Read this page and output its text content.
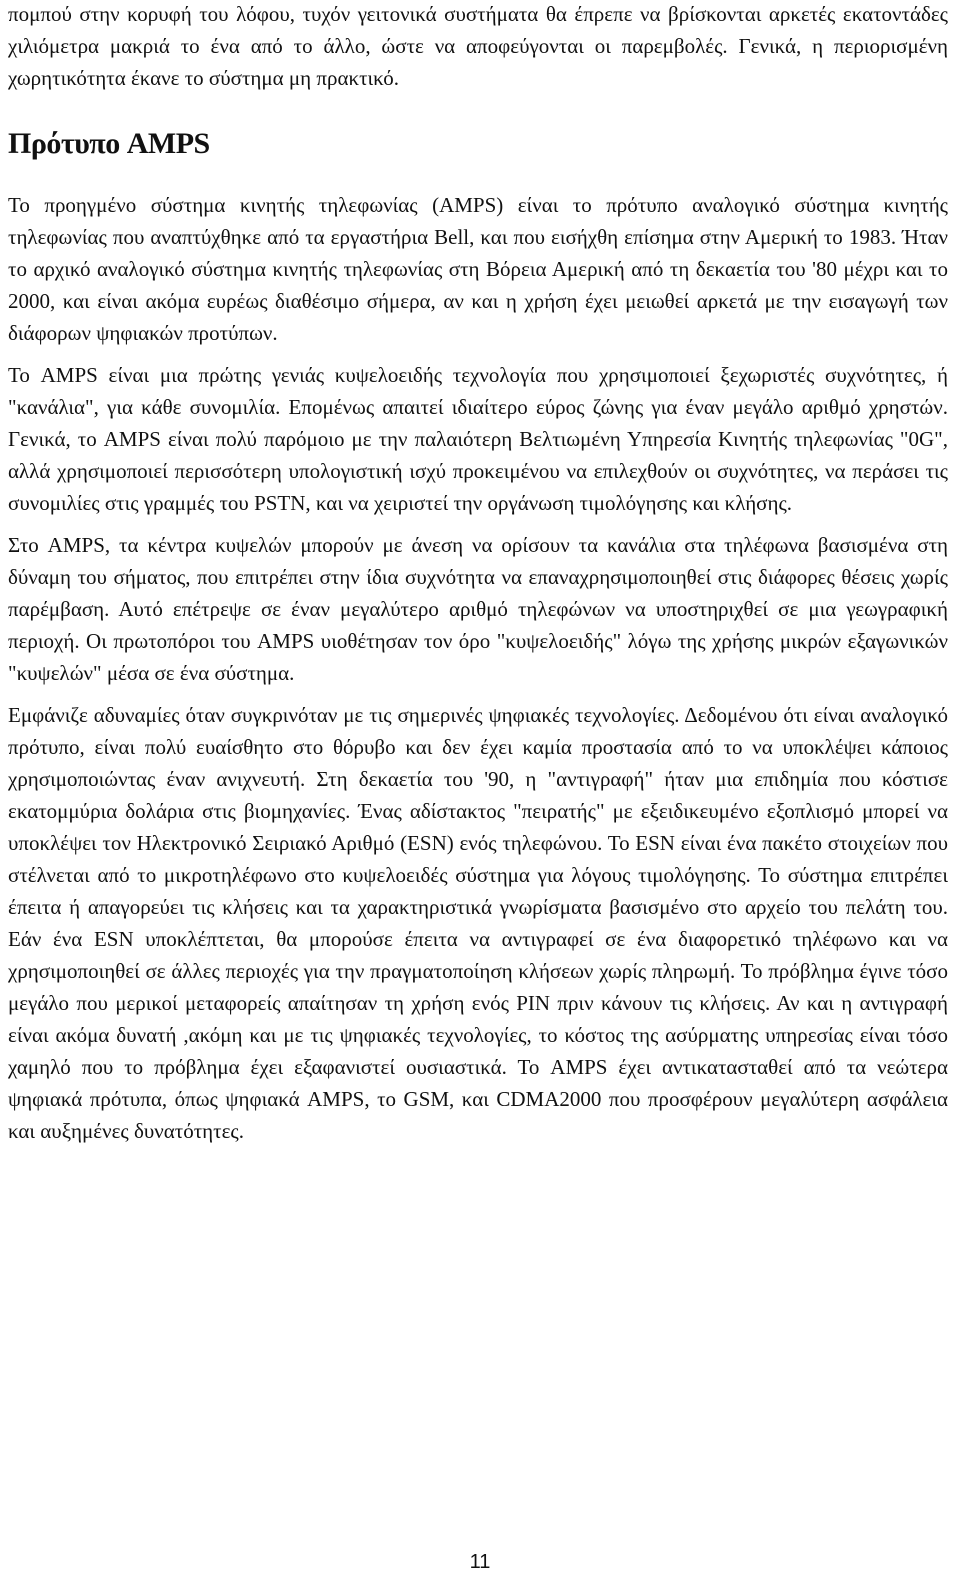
πομπού στην κορυφή του λόφου, τυχόν γειτονικά συστήματα θα έπρεπε να βρίσκονται αρκετές εκατοντάδες χιλιόμετρα μακριά το ένα από το άλλο, ώστε να αποφεύγονται οι παρεμβολές. Γενικά, η περιορισμένη χωρητικότητα έκανε το σύστημα μη πρακτικό.

Πρότυπο AMPS

Το προηγμένο σύστημα κινητής τηλεφωνίας (AMPS) είναι το πρότυπο αναλογικό σύστημα κινητής τηλεφωνίας που αναπτύχθηκε από τα εργαστήρια Bell, και που εισήχθη επίσημα στην Αμερική το 1983. Ήταν το αρχικό αναλογικό σύστημα κινητής τηλεφωνίας στη Βόρεια Αμερική από τη δεκαετία του '80 μέχρι και το 2000, και είναι ακόμα ευρέως διαθέσιμο σήμερα, αν και η χρήση έχει μειωθεί αρκετά με την εισαγωγή των διάφορων ψηφιακών προτύπων.

Το AMPS είναι μια πρώτης γενιάς κυψελοειδής τεχνολογία που χρησιμοποιεί ξεχωριστές συχνότητες, ή "κανάλια", για κάθε συνομιλία. Επομένως απαιτεί ιδιαίτερο εύρος ζώνης για έναν μεγάλο αριθμό χρηστών. Γενικά, το AMPS είναι πολύ παρόμοιο με την παλαιότερη Βελτιωμένη Υπηρεσία Κινητής τηλεφωνίας "0G", αλλά χρησιμοποιεί περισσότερη υπολογιστική ισχύ προκειμένου να επιλεχθούν οι συχνότητες, να περάσει τις συνομιλίες στις γραμμές του PSTN, και να χειριστεί την οργάνωση τιμολόγησης και κλήσης.

Στο AMPS, τα κέντρα κυψελών μπορούν με άνεση να ορίσουν τα κανάλια στα τηλέφωνα βασισμένα στη δύναμη του σήματος, που επιτρέπει στην ίδια συχνότητα να επαναχρησιμοποιηθεί στις διάφορες θέσεις χωρίς παρέμβαση. Αυτό επέτρεψε σε έναν μεγαλύτερο αριθμό τηλεφώνων να υποστηριχθεί σε μια γεωγραφική περιοχή. Οι πρωτοπόροι του AMPS υιοθέτησαν τον όρο "κυψελοειδής" λόγω της χρήσης μικρών εξαγωνικών "κυψελών" μέσα σε ένα σύστημα.

Εμφάνιζε αδυναμίες όταν συγκρινόταν με τις σημερινές ψηφιακές τεχνολογίες. Δεδομένου ότι είναι αναλογικό πρότυπο, είναι πολύ ευαίσθητο στο θόρυβο και δεν έχει καμία προστασία από το να υποκλέψει κάποιος χρησιμοποιώντας έναν ανιχνευτή. Στη δεκαετία του '90, η "αντιγραφή" ήταν μια επιδημία που κόστισε εκατομμύρια δολάρια στις βιομηχανίες. Ένας αδίστακτος "πειρατής" με εξειδικευμένο εξοπλισμό μπορεί να υποκλέψει τον Ηλεκτρονικό Σειριακό Αριθμό (ESN) ενός τηλεφώνου. Το ESN είναι ένα πακέτο στοιχείων που στέλνεται από το μικροτηλέφωνο στο κυψελοειδές σύστημα για λόγους τιμολόγησης. Το σύστημα επιτρέπει έπειτα ή απαγορεύει τις κλήσεις και τα χαρακτηριστικά γνωρίσματα βασισμένο στο αρχείο του πελάτη του. Εάν ένα ESN υποκλέπτεται, θα μπορούσε έπειτα να αντιγραφεί σε ένα διαφορετικό τηλέφωνο και να χρησιμοποιηθεί σε άλλες περιοχές για την πραγματοποίηση κλήσεων χωρίς πληρωμή. Το πρόβλημα έγινε τόσο μεγάλο που μερικοί μεταφορείς απαίτησαν τη χρήση ενός PIN πριν κάνουν τις κλήσεις. Αν και η αντιγραφή είναι ακόμα δυνατή ,ακόμη και με τις ψηφιακές τεχνολογίες, το κόστος της ασύρματης υπηρεσίας είναι τόσο χαμηλό που το πρόβλημα έχει εξαφανιστεί ουσιαστικά. Το AMPS έχει αντικατασταθεί από τα νεώτερα ψηφιακά πρότυπα, όπως ψηφιακά AMPS, το GSM, και CDMA2000 που προσφέρουν μεγαλύτερη ασφάλεια και αυξημένες δυνατότητες.

11
